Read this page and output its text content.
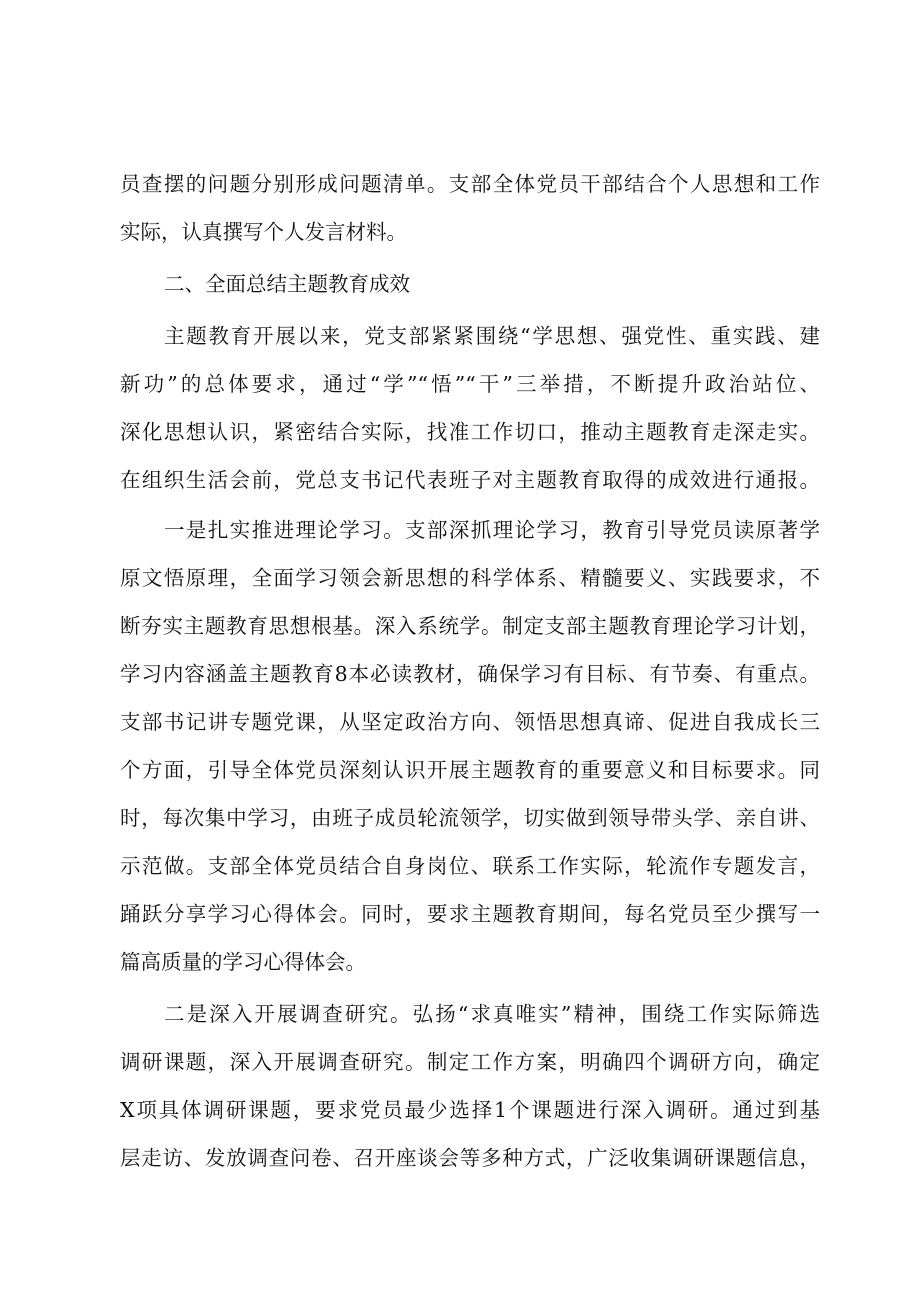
员查摆的问题分别形成问题清单。支部全体党员干部结合个人思想和工作
实际，认真撰写个人发言材料。
二、全面总结主题教育成效
主题教育开展以来，党支部紧紧围绕“学思想、强党性、重实践、建
新功”的总体要求，通过“学”“悟”“干”三举措，不断提升政治站位、
深化思想认识，紧密结合实际，找准工作切口，推动主题教育走深走实。
在组织生活会前，党总支书记代表班子对主题教育取得的成效进行通报。
一是扎实推进理论学习。支部深抓理论学习，教育引导党员读原著学
原文悟原理，全面学习领会新思想的科学体系、精髓要义、实践要求，不
断夯实主题教育思想根基。深入系统学。制定支部主题教育理论学习计划，
学习内容涵盖主题教育8本必读教材，确保学习有目标、有节奏、有重点。
支部书记讲专题党课，从坚定政治方向、领悟思想真谛、促进自我成长三
个方面，引导全体党员深刻认识开展主题教育的重要意义和目标要求。同
时，每次集中学习，由班子成员轮流领学，切实做到领导带头学、亲自讲、
示范做。支部全体党员结合自身岗位、联系工作实际，轮流作专题发言，
踊跃分享学习心得体会。同时，要求主题教育期间，每名党员至少撰写一
篇高质量的学习心得体会。
二是深入开展调查研究。弘扬“求真唯实”精神，围绕工作实际筛选
调研课题，深入开展调查研究。制定工作方案，明确四个调研方向，确定
X项具体调研课题，要求党员最少选择1个课题进行深入调研。通过到基
层走访、发放调查问卷、召开座谈会等多种方式，广泛收集调研课题信息，
